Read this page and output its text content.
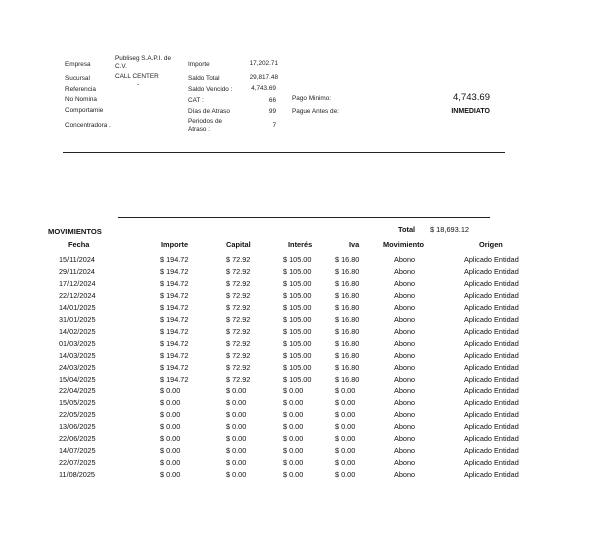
Empresa
Publiseg S.A.P.I. de
C.V.
Sucursal	CALL CENTER
Referencia
-
No Nomina
Comportamie
Concentradora .
Importe	17,202.71
Saldo Total	29,817.48
Saldo Vencido :	4,743.69
CAT :	66
Días de Atraso	99
Periodos de
Atraso :
7
Pago Minimo:	4,743.69
Pague Antes de:	INMEDIATO
MOVIMIENTOS	Total $ 18,693.12
Fecha	Importe	Capital	Interés	Iva	Movimiento	Origen
15/11/2024	$ 194.72	$ 72.92	$ 105.00	$ 16.80	Abono	Aplicado Entidad
29/11/2024	$ 194.72	$ 72.92	$ 105.00	$ 16.80	Abono	Aplicado Entidad
17/12/2024	$ 194.72	$ 72.92	$ 105.00	$ 16.80	Abono	Aplicado Entidad
22/12/2024	$ 194.72	$ 72.92	$ 105.00	$ 16.80	Abono	Aplicado Entidad
14/01/2025	$ 194.72	$ 72.92	$ 105.00	$ 16.80	Abono	Aplicado Entidad
31/01/2025	$ 194.72	$ 72.92	$ 105.00	$ 16.80	Abono	Aplicado Entidad
14/02/2025	$ 194.72	$ 72.92	$ 105.00	$ 16.80	Abono	Aplicado Entidad
01/03/2025	$ 194.72	$ 72.92	$ 105.00	$ 16.80	Abono	Aplicado Entidad
14/03/2025	$ 194.72	$ 72.92	$ 105.00	$ 16.80	Abono	Aplicado Entidad
24/03/2025	$ 194.72	$ 72.92	$ 105.00	$ 16.80	Abono	Aplicado Entidad
15/04/2025	$ 194.72	$ 72.92	$ 105.00	$ 16.80	Abono	Aplicado Entidad
22/04/2025	$ 0.00	$ 0.00	$ 0.00	$ 0.00	Abono	Aplicado Entidad
15/05/2025	$ 0.00	$ 0.00	$ 0.00	$ 0.00	Abono	Aplicado Entidad
22/05/2025	$ 0.00	$ 0.00	$ 0.00	$ 0.00	Abono	Aplicado Entidad
13/06/2025	$ 0.00	$ 0.00	$ 0.00	$ 0.00	Abono	Aplicado Entidad
22/06/2025	$ 0.00	$ 0.00	$ 0.00	$ 0.00	Abono	Aplicado Entidad
14/07/2025	$ 0.00	$ 0.00	$ 0.00	$ 0.00	Abono	Aplicado Entidad
22/07/2025	$ 0.00	$ 0.00	$ 0.00	$ 0.00	Abono	Aplicado Entidad
11/08/2025	$ 0.00	$ 0.00	$ 0.00	$ 0.00	Abono	Aplicado Entidad
